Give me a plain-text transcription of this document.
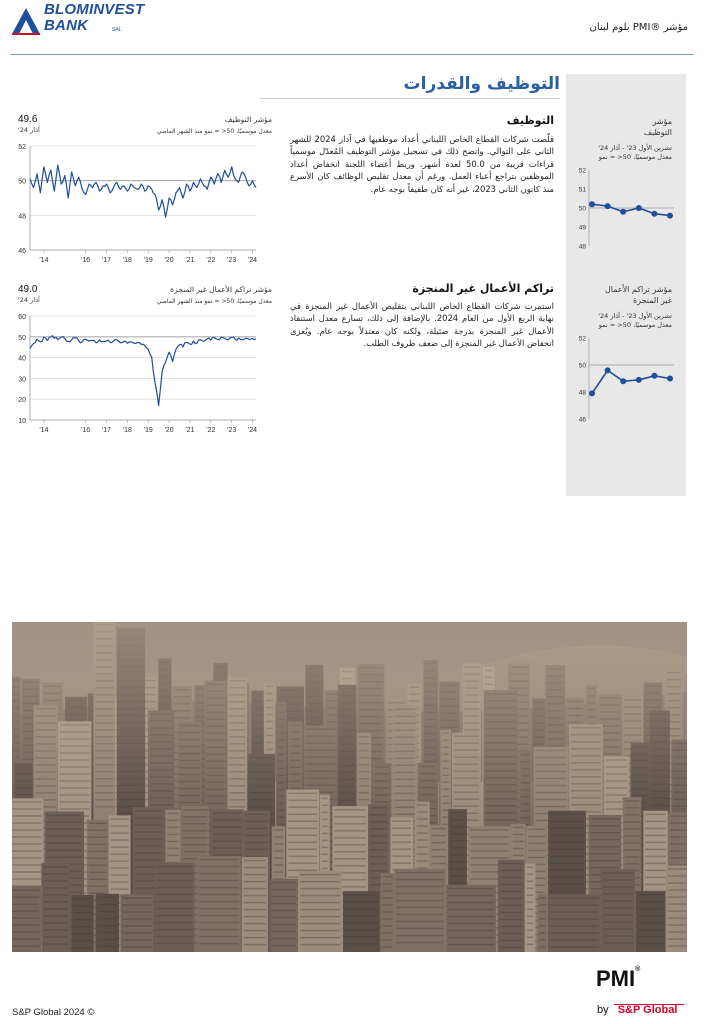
BLOMINVEST
BANK	SAL	مؤشر ®PMI بلوم لبنان
التوظيف والقدرات
مؤشر
التوظيف
تشرين الأول 23' - آذار 24'
معدل موسميًا، 50< = نمو
48
49
50
51
52
مؤشر تراكم الأعمال
غير المنجزة
تشرين الأول 23' - آذار 24'
معدل موسميًا، 50< = نمو
46
48
50
52
التوظيف
قلّصت شركات القطاع الخاص اللبناني أعداد موظفيها في آذار 2024 للشهر الثاني على التوالي. واتضح ذلك في تسجيل مؤشر التوظيف المُعدّل موسمياً قراءات قريبة من 50.0 لعدة أشهر. وربط أعضاء اللجنة انخفاض أعداد الموظفين بتراجع أعباء العمل. ورغم أن معدل تقليص الوظائف كان الأسرع منذ كانون الثاني 2023، غير أنه كان طفيفاً بوجه عام.
تراكم الأعمال غير المنجزة
استمرت شركات القطاع الخاص اللبناني بتقليص الأعمال غير المنجزة في نهاية الربع الأول من العام 2024. بالإضافة إلى ذلك، تسارع معدل استنفاذ الأعمال غير المنجزة بدرجة ضئيلة، ولكنه كان معتدلاً بوجه عام. ويُعزى انخفاض الأعمال غير المنجزة إلى ضعف ظروف الطلب.
مؤشر التوظيف
معدل موسميًا، 50< = نمو منذ الشهر الماضي
49.6
آذار 24'
46
48
50
52
'14	'16 '17 '18 '19 '20 '21 '22 '23 '24
مؤشر تراكم الأعمال غير المنجزة
معدل موسميًا، 50< = نمو منذ الشهر الماضي
49.0
آذار 24'
10
20
30
40
50
60
'14	'16 '17 '18 '19 '20 '21 '22 '23 '24
S&P Global 2024 ©
PMI®
by S&P Global
